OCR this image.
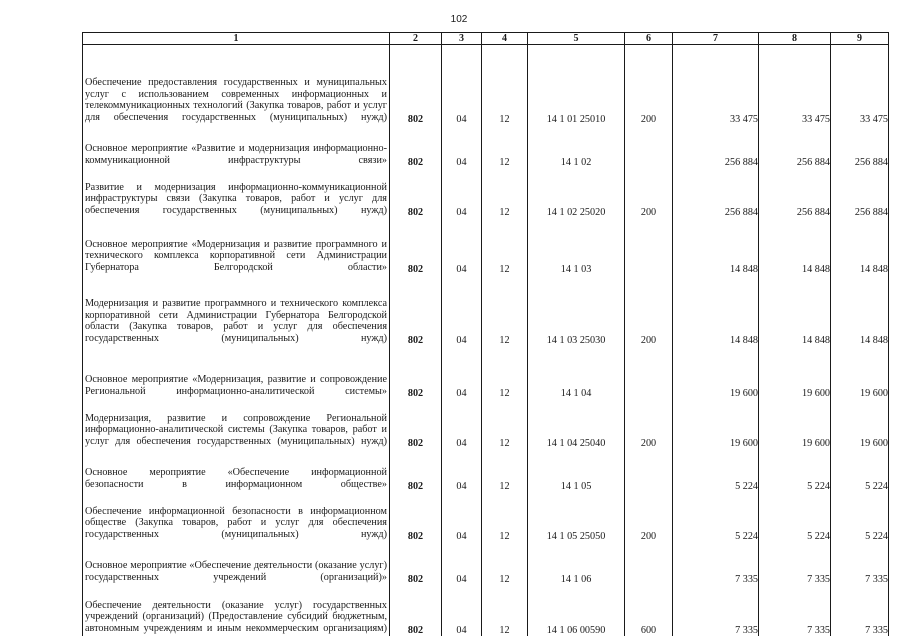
102
1	2	3	4	5	6	7	8	9

Обеспечение предоставления государственных и муниципальных услуг с использованием современных информационных и телекоммуникационных технологий (Закупка товаров, работ и услуг для обеспечения государственных (муниципальных) нужд)	802	04	12	14 1 01 25010	200	33 475	33 475	33 475

Основное мероприятие «Развитие и модернизация информационно-коммуникационной инфраструктуры связи»	802	04	12	14 1 02		256 884	256 884	256 884

Развитие и модернизация информационно-коммуникационной инфраструктуры связи (Закупка товаров, работ и услуг для обеспечения государственных (муниципальных) нужд)	802	04	12	14 1 02 25020	200	256 884	256 884	256 884

Основное мероприятие «Модернизация и развитие программного и технического комплекса корпоративной сети Администрации Губернатора Белгородской области»	802	04	12	14 1 03		14 848	14 848	14 848

Модернизация и развитие программного и технического комплекса корпоративной сети Администрации Губернатора Белгородской области (Закупка товаров, работ и услуг для обеспечения государственных (муниципальных) нужд)	802	04	12	14 1 03 25030	200	14 848	14 848	14 848

Основное мероприятие «Модернизация, развитие и сопровождение Региональной информационно-аналитической системы»	802	04	12	14 1 04		19 600	19 600	19 600

Модернизация, развитие и сопровождение Региональной информационно-аналитической системы (Закупка товаров, работ и услуг для обеспечения государственных (муниципальных) нужд)	802	04	12	14 1 04 25040	200	19 600	19 600	19 600

Основное мероприятие «Обеспечение информационной безопасности в информационном обществе»	802	04	12	14 1 05		5 224	5 224	5 224

Обеспечение информационной безопасности в информационном обществе (Закупка товаров, работ и услуг для обеспечения государственных (муниципальных) нужд)	802	04	12	14 1 05 25050	200	5 224	5 224	5 224

Основное мероприятие «Обеспечение деятельности (оказание услуг) государственных учреждений (организаций)»	802	04	12	14 1 06		7 335	7 335	7 335

Обеспечение деятельности (оказание услуг) государственных учреждений (организаций) (Предоставление субсидий бюджетным, автономным учреждениям и иным некоммерческим организациям)	802	04	12	14 1 06 00590	600	7 335	7 335	7 335
